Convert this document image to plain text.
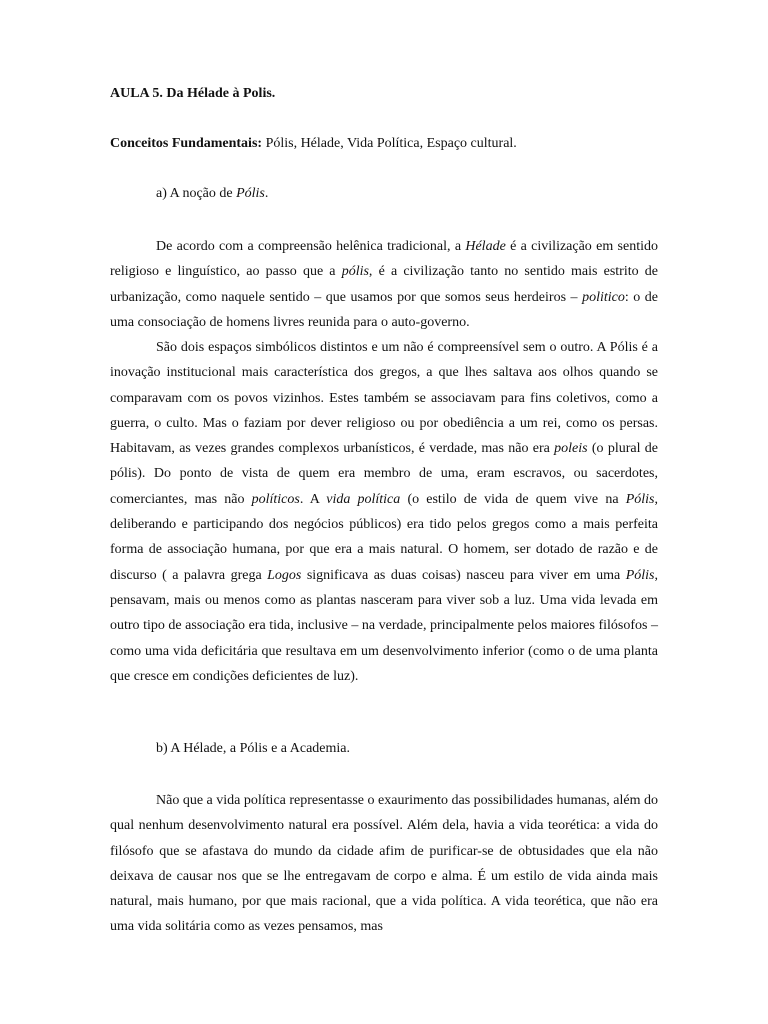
AULA 5. Da Hélade à Polis.
Conceitos Fundamentais: Pólis, Hélade, Vida Política, Espaço cultural.
a) A noção de Pólis.

De acordo com a compreensão helênica tradicional, a Hélade é a civilização em sentido religioso e linguístico, ao passo que a pólis, é a civilização tanto no sentido mais estrito de urbanização, como naquele sentido – que usamos por que somos seus herdeiros – politico: o de uma consociação de homens livres reunida para o auto-governo.

São dois espaços simbólicos distintos e um não é compreensível sem o outro. A Pólis é a inovação institucional mais característica dos gregos, a que lhes saltava aos olhos quando se comparavam com os povos vizinhos. Estes também se associavam para fins coletivos, como a guerra, o culto. Mas o faziam por dever religioso ou por obediência a um rei, como os persas. Habitavam, as vezes grandes complexos urbanísticos, é verdade, mas não era poleis (o plural de pólis). Do ponto de vista de quem era membro de uma, eram escravos, ou sacerdotes, comerciantes, mas não políticos. A vida política (o estilo de vida de quem vive na Pólis, deliberando e participando dos negócios públicos) era tido pelos gregos como a mais perfeita forma de associação humana, por que era a mais natural. O homem, ser dotado de razão e de discurso ( a palavra grega Logos significava as duas coisas) nasceu para viver em uma Pólis, pensavam, mais ou menos como as plantas nasceram para viver sob a luz. Uma vida levada em outro tipo de associação era tida, inclusive – na verdade, principalmente pelos maiores filósofos – como uma vida deficitária que resultava em um desenvolvimento inferior (como o de uma planta que cresce em condições deficientes de luz).

b) A Hélade, a Pólis e a Academia.

Não que a vida política representasse o exaurimento das possibilidades humanas, além do qual nenhum desenvolvimento natural era possível. Além dela, havia a vida teorética: a vida do filósofo que se afastava do mundo da cidade afim de purificar-se de obtusidades que ela não deixava de causar nos que se lhe entregavam de corpo e alma. É um estilo de vida ainda mais natural, mais humano, por que mais racional, que a vida política. A vida teorética, que não era uma vida solitária como as vezes pensamos, mas
